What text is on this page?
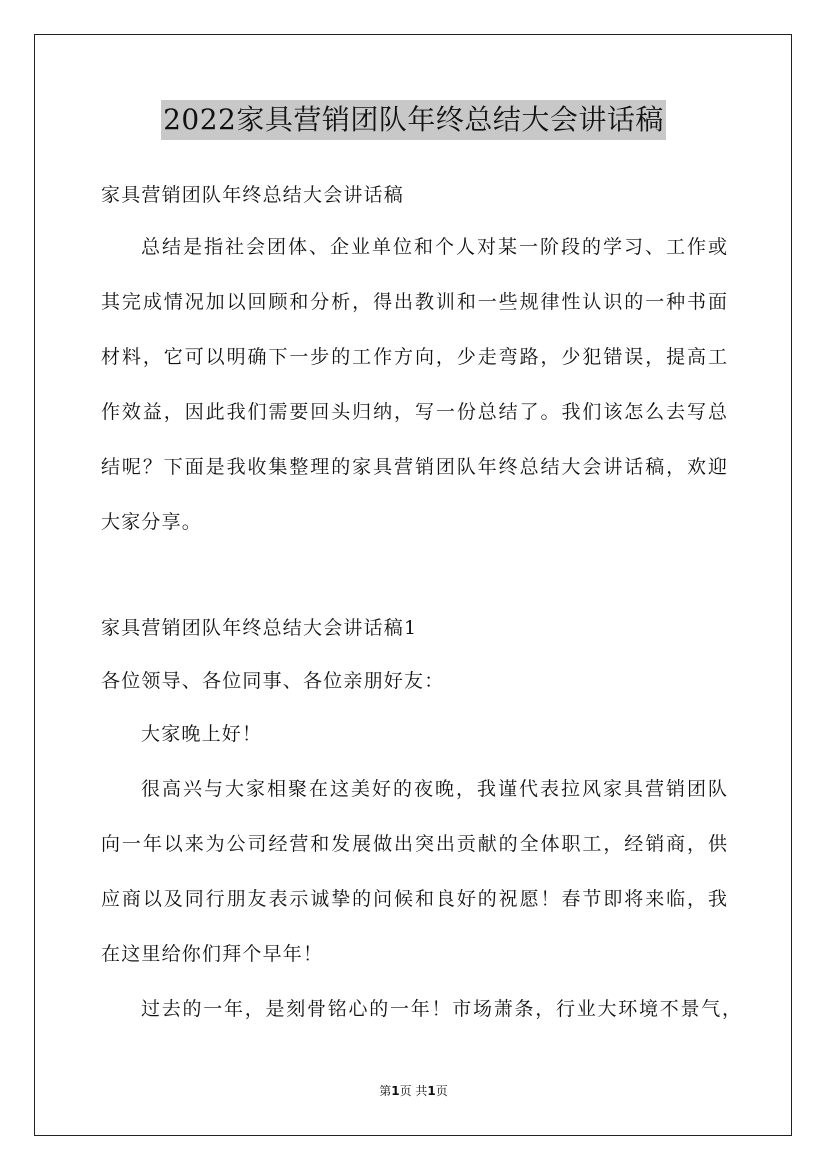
2022家具营销团队年终总结大会讲话稿
家具营销团队年终总结大会讲话稿
总结是指社会团体、企业单位和个人对某一阶段的学习、工作或
其完成情况加以回顾和分析，得出教训和一些规律性认识的一种书面
材料，它可以明确下一步的工作方向，少走弯路，少犯错误，提高工
作效益，因此我们需要回头归纳，写一份总结了。我们该怎么去写总
结呢？下面是我收集整理的家具营销团队年终总结大会讲话稿，欢迎
大家分享。
家具营销团队年终总结大会讲话稿1
各位领导、各位同事、各位亲朋好友：
大家晚上好！
很高兴与大家相聚在这美好的夜晚，我谨代表拉风家具营销团队
向一年以来为公司经营和发展做出突出贡献的全体职工，经销商，供
应商以及同行朋友表示诚挚的问候和良好的祝愿！春节即将来临，我
在这里给你们拜个早年！
过去的一年，是刻骨铭心的一年！市场萧条，行业大环境不景气，
第1页 共1页
